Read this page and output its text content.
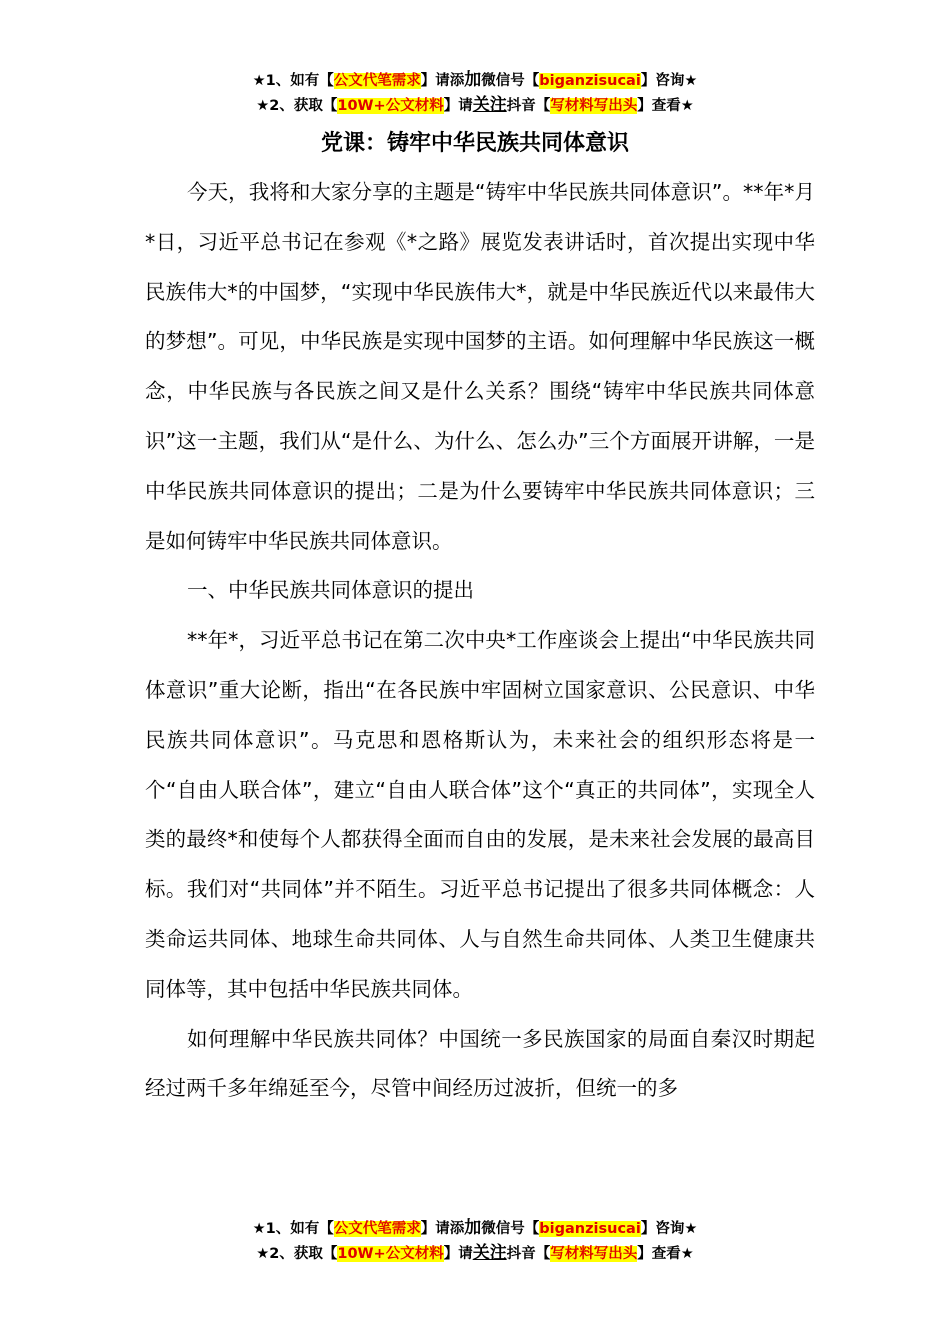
★1、如有【公文代笔需求】请添加微信号【biganzisucai】咨询★
★2、获取【10W+公文材料】请关注抖音【写材料写出头】查看★
党课：铸牢中华民族共同体意识

今天，我将和大家分享的主题是“铸牢中华民族共同体意识”。**年*月*日，习近平总书记在参观《*之路》展览发表讲话时，首次提出实现中华民族伟大*的中国梦，“实现中华民族伟大*，就是中华民族近代以来最伟大的梦想”。可见，中华民族是实现中国梦的主语。如何理解中华民族这一概念，中华民族与各民族之间又是什么关系？围绕“铸牢中华民族共同体意识”这一主题，我们从“是什么、为什么、怎么办”三个方面展开讲解，一是中华民族共同体意识的提出；二是为什么要铸牢中华民族共同体意识；三是如何铸牢中华民族共同体意识。

一、中华民族共同体意识的提出

**年*，习近平总书记在第二次中央*工作座谈会上提出“中华民族共同体意识”重大论断，指出“在各民族中牢固树立国家意识、公民意识、中华民族共同体意识”。马克思和恩格斯认为，未来社会的组织形态将是一个“自由人联合体”，建立“自由人联合体”这个“真正的共同体”，实现全人类的最终*和使每个人都获得全面而自由的发展，是未来社会发展的最高目标。我们对“共同体”并不陌生。习近平总书记提出了很多共同体概念：人类命运共同体、地球生命共同体、人与自然生命共同体、人类卫生健康共同体等，其中包括中华民族共同体。

如何理解中华民族共同体？中国统一多民族国家的局面自秦汉时期起经过两千多年绵延至今，尽管中间经历过波折，但统一的多

★1、如有【公文代笔需求】请添加微信号【biganzisucai】咨询★
★2、获取【10W+公文材料】请关注抖音【写材料写出头】查看★
